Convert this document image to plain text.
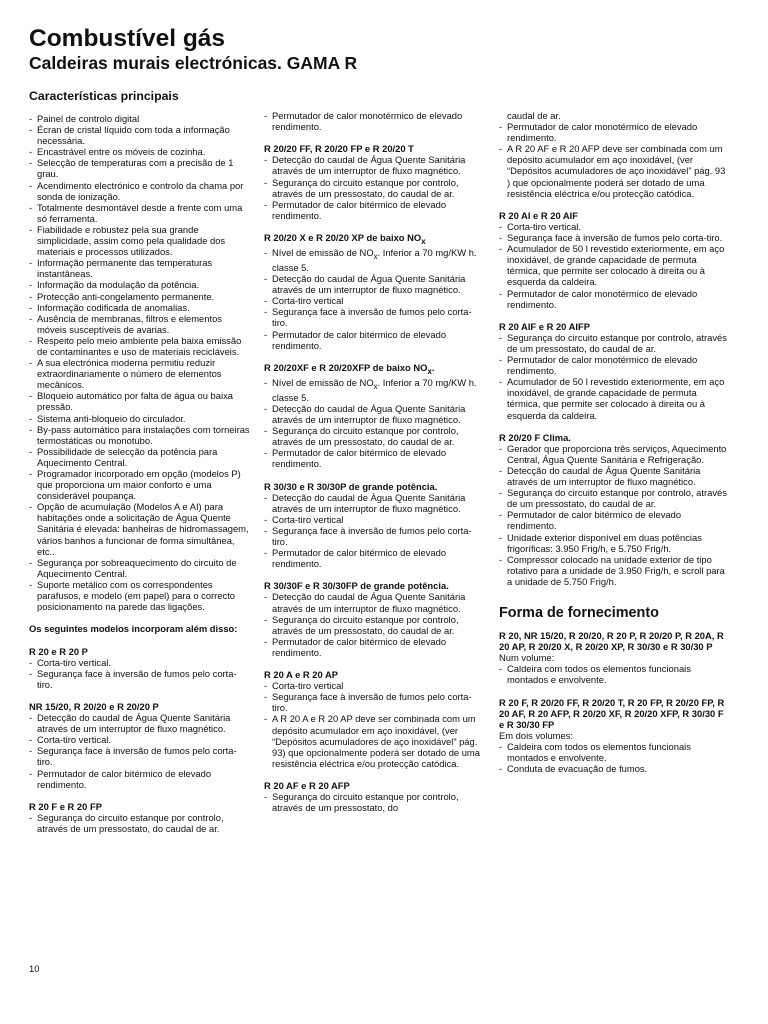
Combustível gás
Caldeiras murais electrónicas. GAMA R
Características principais
- Painel de controlo digital
- Écran de cristal líquido com toda a informação necessária.
- Encastrável entre os móveis de cozinha.
- Selecção de temperaturas com a precisão de 1 grau.
- Acendimento electrónico e controlo da chama por sonda de ionização.
- Totalmente desmontável desde a frente com uma só ferramenta.
- Fiabilidade e robustez pela sua grande simplicidade, assim como pela qualidade dos materiais e processos utilizados.
- Informação permanente das temperaturas instantâneas.
- Informação da modulação da potência.
- Protecção anti-congelamento permanente.
- Informação codificada de anomalias.
- Ausência de membranas, filtros e elementos móveis susceptíveis de avarias.
- Respeito pelo meio ambiente pela baixa emissão de contaminantes e uso de materiais recicláveis.
- A sua electrónica moderna permitiu reduzir extraordinariamente o número de elementos mecânicos.
- Bloqueio automático por falta de água ou baixa pressão.
- Sistema anti-bloqueio do circulador.
- By-pass automático para instalações com torneiras termostáticas ou monotubo.
- Possibilidade de selecção da potência para Aquecimento Central.
- Programador incorporado em opção (modelos P) que proporciona um maior conforto e uma considerável poupança.
- Opção de acumulação (Modelos A e AI) para habitações onde a solicitação de Água Quente Sanitária é elevada: banheiras de hidromassagem, vários banhos a funcionar de forma simultânea, etc..
- Segurança por sobreaquecimento do circuito de Aquecimento Central.
- Suporte metálico com os correspondentes parafusos, e modelo (em papel) para o correcto posicionamento na parede das ligações.
Os seguintes modelos incorporam além disso:
R 20 e R 20 P
- Corta-tiro vertical.
- Segurança face à inversão de fumos pelo corta-tiro.
NR 15/20, R 20/20 e R 20/20 P
- Detecção do caudal de Água Quente Sanitária através de um interruptor de fluxo magnético.
- Corta-tiro vertical.
- Segurança face à inversão de fumos pelo corta-tiro.
- Permutador de calor bitérmico de elevado rendimento.
R 20 F e R 20 FP
- Segurança do circuito estanque por controlo, através de um pressostato, do caudal de ar.
- Permutador de calor monotérmico de elevado rendimento.
R 20/20 FF, R 20/20 FP e R 20/20 T
- Detecção do caudal de Água Quente Sanitária através de um interruptor de fluxo magnético.
- Segurança do circuito estanque por controlo, através de um pressostato, do caudal de ar.
- Permutador de calor bitérmico de elevado rendimento.
R 20/20 X e R 20/20 XP de baixo $NO_x$
- Nível de emissão de $NO_x$. Inferior a 70 mg/KW h. classe 5.
- Detecção do caudal de Água Quente Sanitária através de um interruptor de fluxo magnético.
- Corta-tiro vertical
- Segurança face à inversão de fumos pelo corta-tiro.
- Permutador de calor bitérmico de elevado rendimento.
R 20/20XF e R 20/20XFP de baixo $NO_x$.
- Nível de emissão de $NO_x$. Inferior a 70 mg/KW h. classe 5.
- Detecção do caudal de Água Quente Sanitária através de um interruptor de fluxo magnético.
- Segurança do circuito estanque por controlo, através de um pressostato, do caudal de ar.
- Permutador de calor bitérmico de elevado rendimento.
R 30/30 e R 30/30P de grande potência.
- Detecção do caudal de Água Quente Sanitária através de um interruptor de fluxo magnético.
- Corta-tiro vertical
- Segurança face à inversão de fumos pelo corta-tiro.
- Permutador de calor bitérmico de elevado rendimento.
R 30/30F e R 30/30FP de grande potência.
- Detecção do caudal de Água Quente Sanitária através de um interruptor de fluxo magnético.
- Segurança do circuito estanque por controlo, através de um pressostato, do caudal de ar.
- Permutador de calor bitérmico de elevado rendimento.
R 20 A e R 20 AP
- Corta-tiro vertical
- Segurança face à inversão de fumos pelo corta-tiro.
- A R 20 A e R 20 AP deve ser combinada com um depósito acumulador em aço inoxidável, (ver “Depósitos acumuladores de aço inoxidável” pág. 93) que opcionalmente poderá ser dotado de uma resistência eléctrica e/ou protecção catódica.
R 20 AF e R 20 AFP
- Segurança do circuito estanque por controlo, através de um pressostato, do
caudal de ar.
- Permutador de calor monotérmico de elevado rendimento.
- A R 20 AF e R 20 AFP deve ser combinada com um depósito acumulador em aço inoxidável, (ver “Depósitos acumuladores de aço inoxidável” pág. 93 ) que opcionalmente poderá ser dotado de uma resistência eléctrica e/ou protecção catódica.
R 20 AI e R 20 AIF
- Corta-tiro vertical.
- Segurança face à inversão de fumos pelo corta-tiro.
- Acumulador de 50 l revestido exteriormente, em aço inoxidável, de grande capacidade de permuta térmica, que permite ser colocado à direita ou à esquerda da caldeira.
- Permutador de calor monotérmico de elevado rendimento.
R 20 AIF e R 20 AIFP
- Segurança do circuito estanque por controlo, através de um pressostato, do caudal de ar.
- Permutador de calor monotérmico de elevado rendimento.
- Acumulador de 50 l revestido exteriormente, em aço inoxidável, de grande capacidade de permuta térmica, que permite ser colocado à direita ou à esquerda da caldeira.
R 20/20 F Clima.
- Gerador que proporciona três serviços, Aquecimento Central, Água Quente Sanitária e Refrigeração.
- Detecção do caudal de Água Quente Sanitária através de um interruptor de fluxo magnético.
- Segurança do circuito estanque por controlo, através de um pressostato, do caudal de ar.
- Permutador de calor bitérmico de elevado rendimento.
- Unidade exterior disponível em duas potências frigoríficas: 3.950 Frig/h, e 5.750 Frig/h.
- Compressor colocado na unidade exterior de tipo rotativo para a unidade de 3.950 Frig/h, e scroll para a unidade de 5.750 Frig/h.
Forma de fornecimento
R 20, NR 15/20, R 20/20, R 20 P, R 20/20 P, R 20A, R 20 AP, R 20/20 X, R 20/20 XP, R 30/30 e R 30/30 P
Num volume:
- Caldeira com todos os elementos funcionais montados e envolvente.
R 20 F, R 20/20 FF, R 20/20 T, R 20 FP, R 20/20 FP, R 20 AF, R 20 AFP, R 20/20 XF, R 20/20 XFP, R 30/30 F e R 30/30 FP
Em dois volumes:
- Caldeira com todos os elementos funcionais montados e envolvente.
- Conduta de evacuação de fumos.
10
